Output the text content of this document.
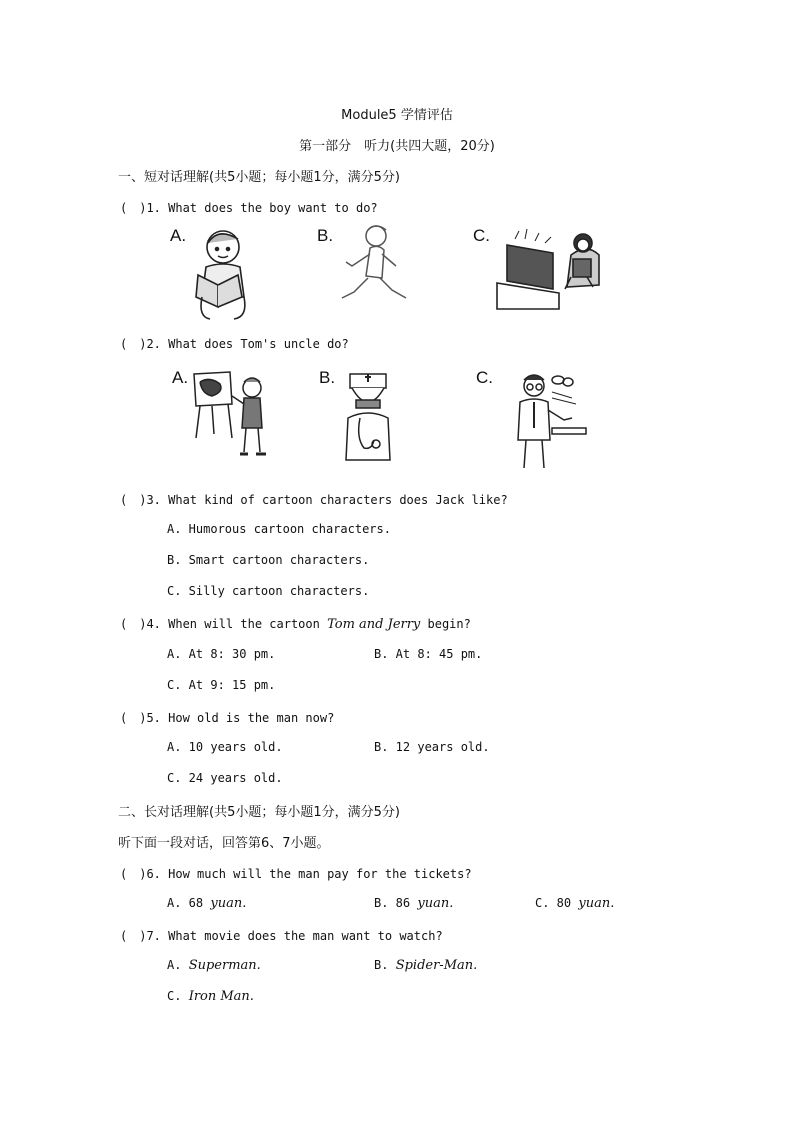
Module5 学情评估
第一部分　听力(共四大题，20分)
一、短对话理解(共5小题；每小题1分，满分5分)
(　)1. What does the boy want to do?
A.	B.	C.
(　)2. What does Tom's uncle do?
A.	B.	C.
(　)3. What kind of cartoon characters does Jack like?
A. Humorous cartoon characters.
B. Smart cartoon characters.
C. Silly cartoon characters.
(　)4. When will the cartoon Tom and Jerry begin?
A. At 8: 30 pm.	B. At 8: 45 pm.
C. At 9: 15 pm.
(　)5. How old is the man now?
A. 10 years old.	B. 12 years old.
C. 24 years old.
二、长对话理解(共5小题；每小题1分，满分5分)
听下面一段对话，回答第6、7小题。
(　)6. How much will the man pay for the tickets?
A. 68 yuan.	B. 86 yuan.	C. 80 yuan.
(　)7. What movie does the man want to watch?
A. Superman.	B. Spider-Man.
C. Iron Man.
